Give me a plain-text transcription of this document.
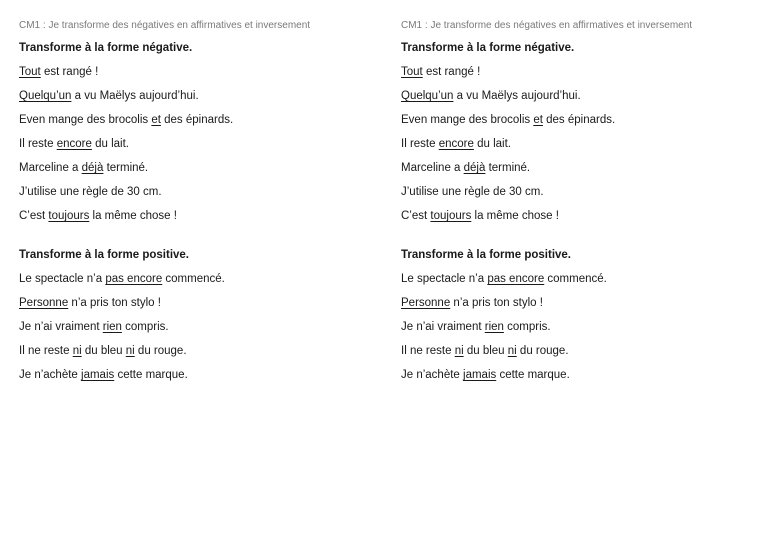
CM1 : Je transforme des négatives en affirmatives et inversement
Transforme à la forme négative.
Tout est rangé !
Quelqu’un a vu Maëlys aujourd’hui.
Even mange des brocolis et des épinards.
Il reste encore du lait.
Marceline a déjà terminé.
J’utilise une règle de 30 cm.
C’est toujours la même chose !
Transforme à la forme positive.
Le spectacle n’a pas encore commencé.
Personne n’a pris ton stylo !
Je n’ai vraiment rien compris.
Il ne reste ni du bleu ni du rouge.
Je n’achète jamais cette marque.
CM1 : Je transforme des négatives en affirmatives et inversement
Transforme à la forme négative.
Tout est rangé !
Quelqu’un a vu Maëlys aujourd’hui.
Even mange des brocolis et des épinards.
Il reste encore du lait.
Marceline a déjà terminé.
J’utilise une règle de 30 cm.
C’est toujours la même chose !
Transforme à la forme positive.
Le spectacle n’a pas encore commencé.
Personne n’a pris ton stylo !
Je n’ai vraiment rien compris.
Il ne reste ni du bleu ni du rouge.
Je n’achète jamais cette marque.
